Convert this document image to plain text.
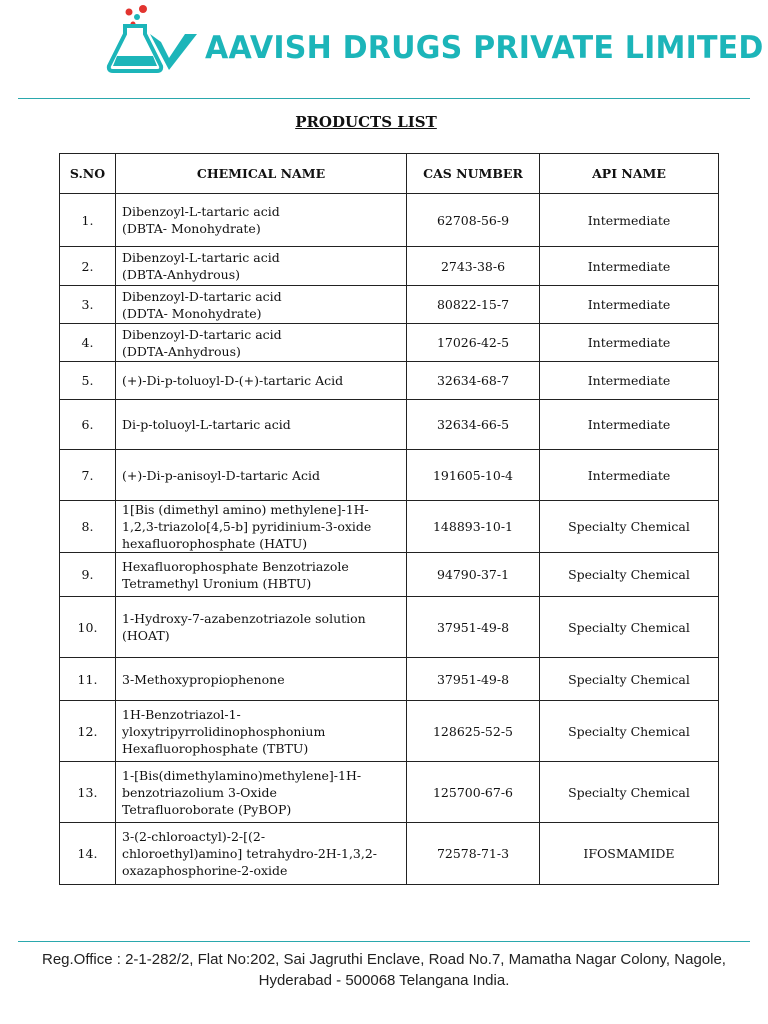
AAVISH DRUGS PRIVATE LIMITED
PRODUCTS LIST
S.NO	CHEMICAL NAME	CAS NUMBER	API NAME
1.	Dibenzoyl-L-tartaric acid
(DBTA- Monohydrate)	62708-56-9	Intermediate
2.	Dibenzoyl-L-tartaric acid
(DBTA-Anhydrous)	2743-38-6	Intermediate
3.	Dibenzoyl-D-tartaric acid
(DDTA- Monohydrate)	80822-15-7	Intermediate
4.	Dibenzoyl-D-tartaric acid
(DDTA-Anhydrous)	17026-42-5	Intermediate
5.	(+)-Di-p-toluoyl-D-(+)-tartaric Acid	32634-68-7	Intermediate
6.	Di-p-toluoyl-L-tartaric acid	32634-66-5	Intermediate
7.	(+)-Di-p-anisoyl-D-tartaric Acid	191605-10-4	Intermediate
8.	1[Bis (dimethyl amino) methylene]-1H-
1,2,3-triazolo[4,5-b] pyridinium-3-oxide
hexafluorophosphate (HATU)	148893-10-1	Specialty Chemical
9.	Hexafluorophosphate Benzotriazole
Tetramethyl Uronium (HBTU)	94790-37-1	Specialty Chemical
10.	1-Hydroxy-7-azabenzotriazole solution
(HOAT)	37951-49-8	Specialty Chemical
11.	3-Methoxypropiophenone	37951-49-8	Specialty Chemical
12.	1H-Benzotriazol-1-
yloxytripyrrolidinophosphonium
Hexafluorophosphate (TBTU)	128625-52-5	Specialty Chemical
13.	1-[Bis(dimethylamino)methylene]-1H-
benzotriazolium 3-Oxide
Tetrafluoroborate (PyBOP)	125700-67-6	Specialty Chemical
14.	3-(2-chloroactyl)-2-[(2-
chloroethyl)amino] tetrahydro-2H-1,3,2-
oxazaphosphorine-2-oxide	72578-71-3	IFOSMAMIDE
Reg.Office : 2-1-282/2, Flat No:202, Sai Jagruthi Enclave, Road No.7, Mamatha Nagar Colony, Nagole,
Hyderabad - 500068 Telangana India.
